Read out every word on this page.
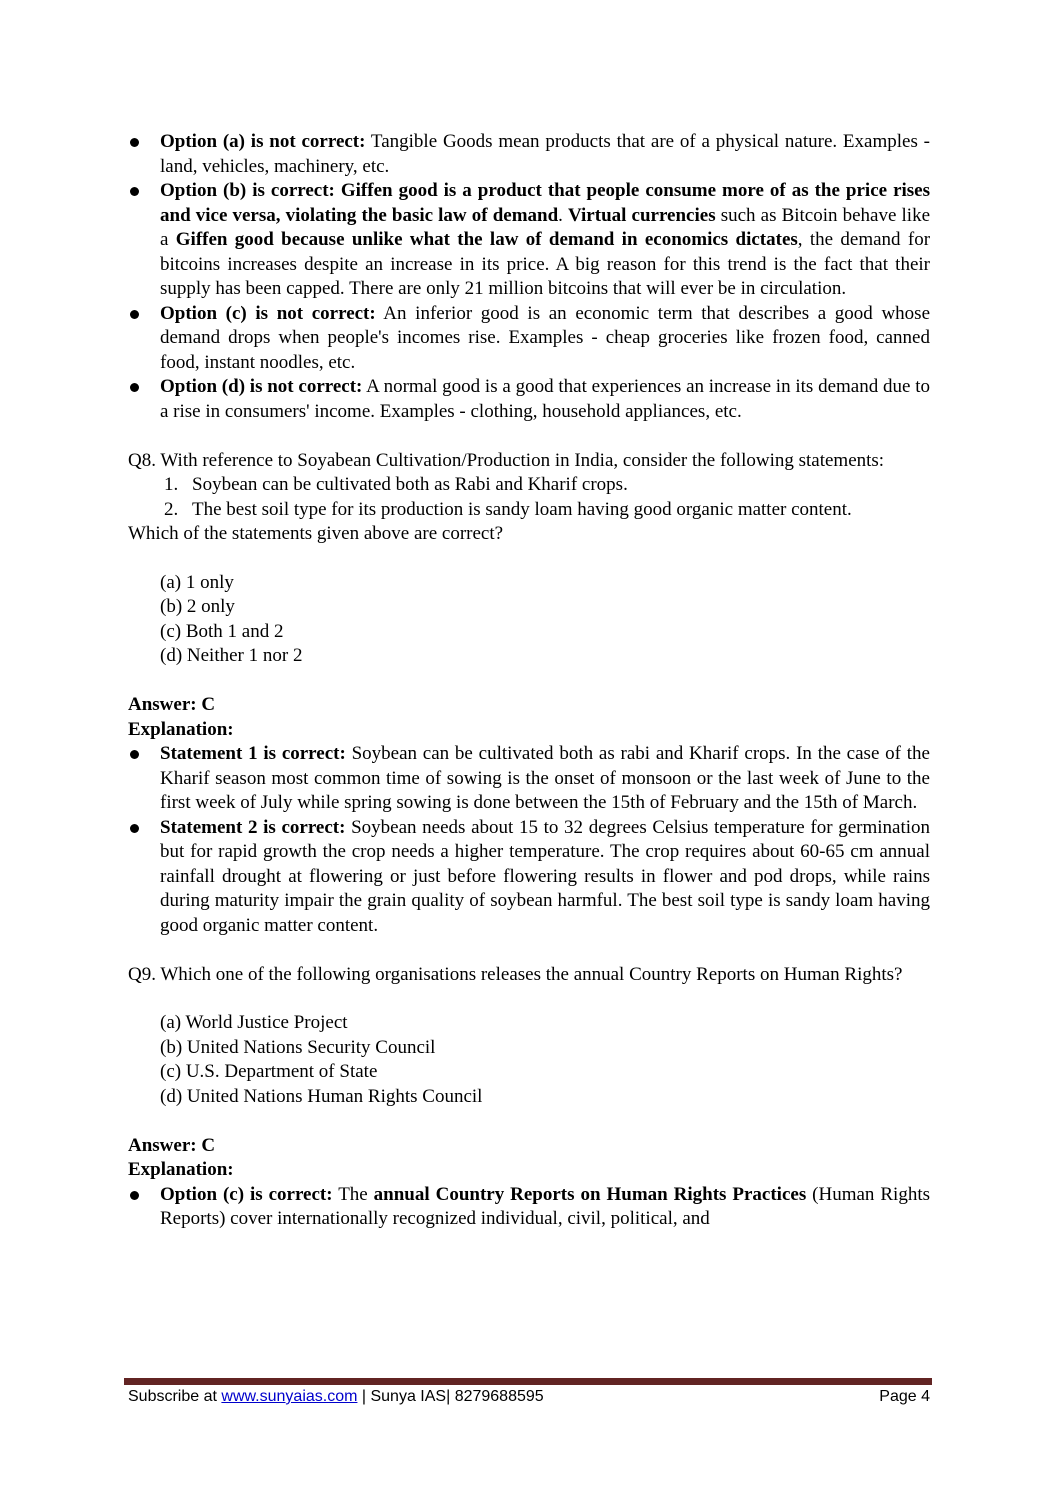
Option (a) is not correct: Tangible Goods mean products that are of a physical nature. Examples - land, vehicles, machinery, etc.
Option (b) is correct: Giffen good is a product that people consume more of as the price rises and vice versa, violating the basic law of demand. Virtual currencies such as Bitcoin behave like a Giffen good because unlike what the law of demand in economics dictates, the demand for bitcoins increases despite an increase in its price. A big reason for this trend is the fact that their supply has been capped. There are only 21 million bitcoins that will ever be in circulation.
Option (c) is not correct: An inferior good is an economic term that describes a good whose demand drops when people's incomes rise. Examples - cheap groceries like frozen food, canned food, instant noodles, etc.
Option (d) is not correct: A normal good is a good that experiences an increase in its demand due to a rise in consumers' income. Examples - clothing, household appliances, etc.

Q8. With reference to Soyabean Cultivation/Production in India, consider the following statements:

1. Soybean can be cultivated both as Rabi and Kharif crops.
2. The best soil type for its production is sandy loam having good organic matter content.

Which of the statements given above are correct?

(a) 1 only
(b) 2 only
(c) Both 1 and 2
(d) Neither 1 nor 2

Answer: C

Explanation:

Statement 1 is correct: Soybean can be cultivated both as rabi and Kharif crops. In the case of the Kharif season most common time of sowing is the onset of monsoon or the last week of June to the first week of July while spring sowing is done between the 15th of February and the 15th of March.
Statement 2 is correct: Soybean needs about 15 to 32 degrees Celsius temperature for germination but for rapid growth the crop needs a higher temperature. The crop requires about 60-65 cm annual rainfall drought at flowering or just before flowering results in flower and pod drops, while rains during maturity impair the grain quality of soybean harmful. The best soil type is sandy loam having good organic matter content.

Q9. Which one of the following organisations releases the annual Country Reports on Human Rights?

(a) World Justice Project
(b) United Nations Security Council
(c) U.S. Department of State
(d) United Nations Human Rights Council

Answer: C

Explanation:

Option (c) is correct: The annual Country Reports on Human Rights Practices (Human Rights Reports) cover internationally recognized individual, civil, political, and
Subscribe at www.sunyaias.com | Sunya IAS| 8279688595	Page 4
